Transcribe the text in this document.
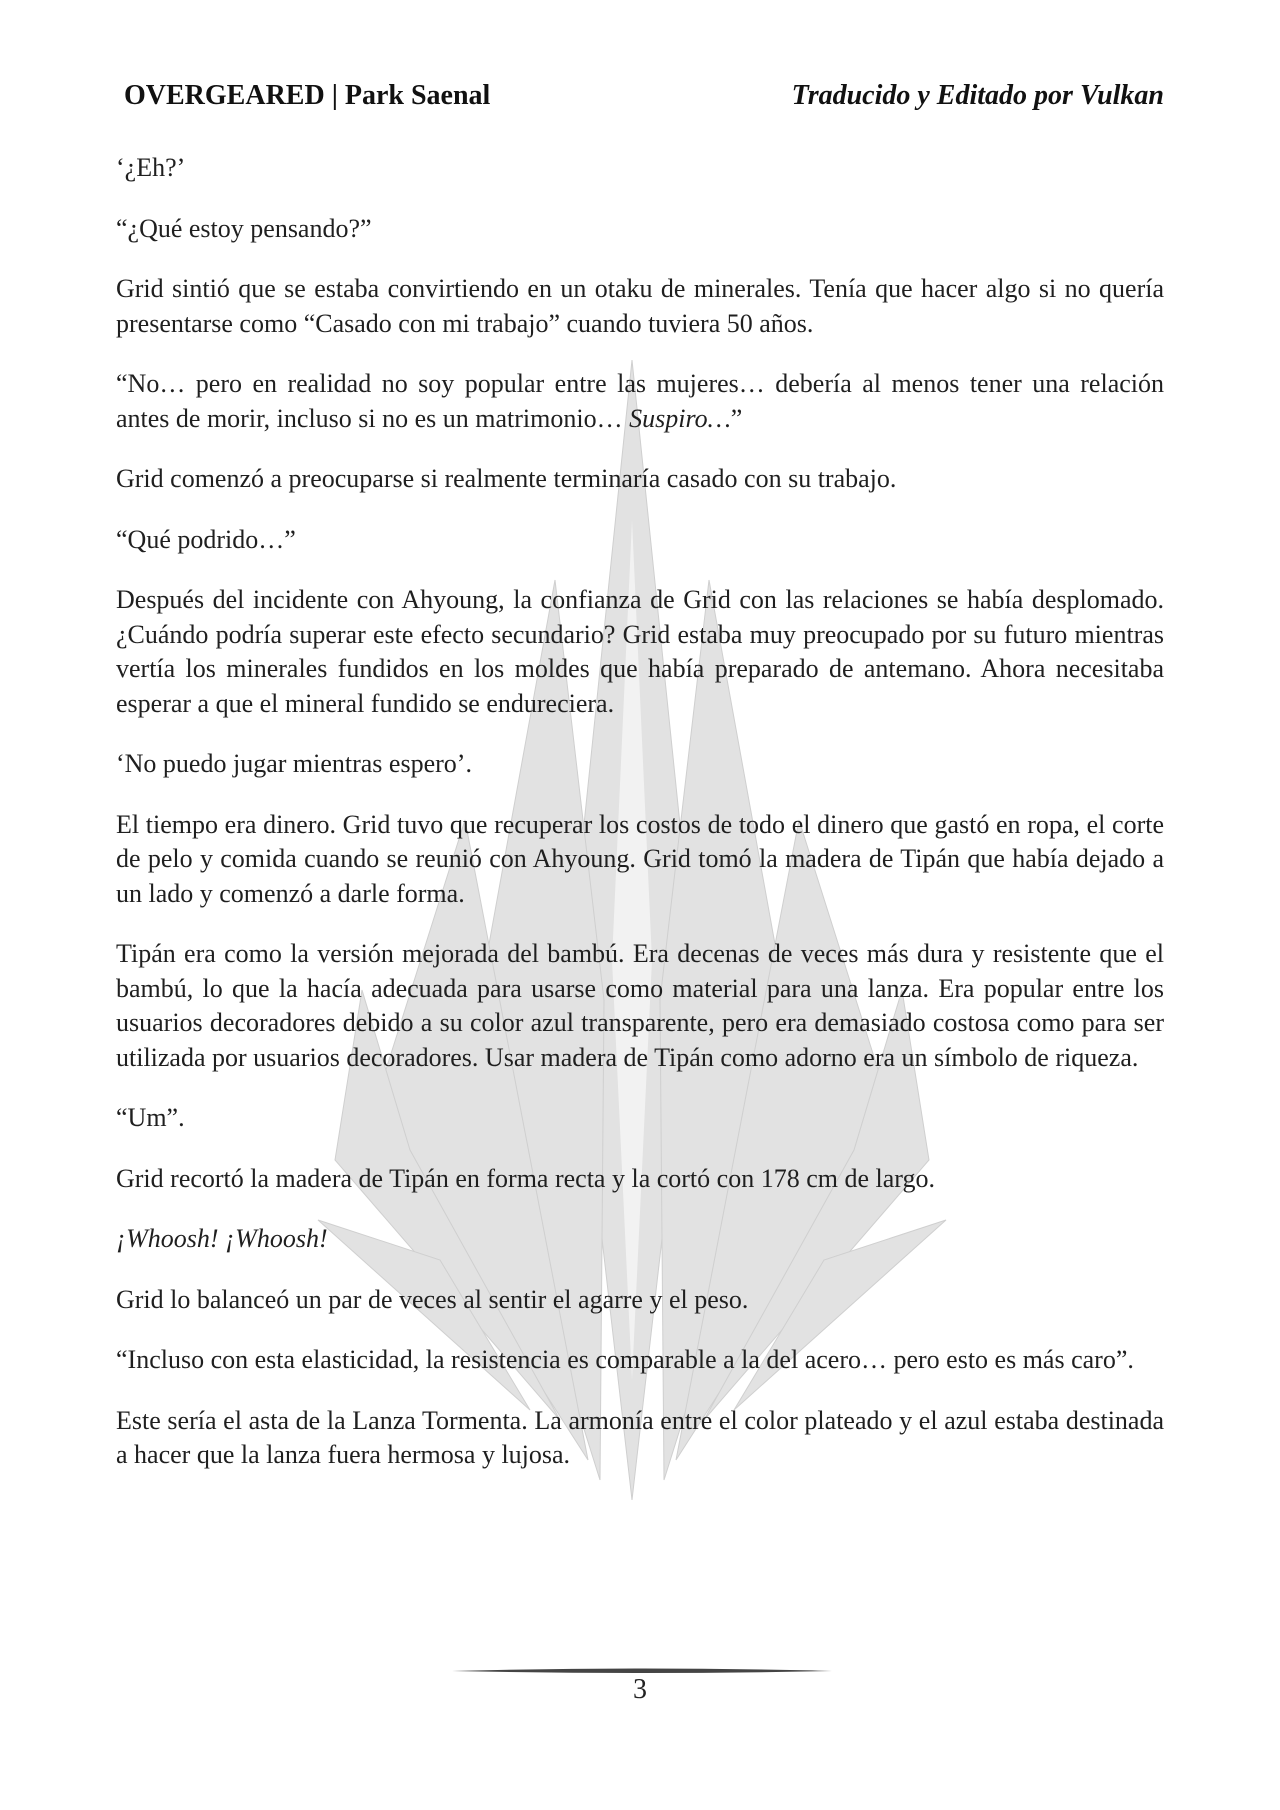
OVERGEARED | Park Saenal	Traducido y Editado por Vulkan

‘¿Eh?’

“¿Qué estoy pensando?”

Grid sintió que se estaba convirtiendo en un otaku de minerales. Tenía que hacer algo si no quería presentarse como “Casado con mi trabajo” cuando tuviera 50 años.

“No… pero en realidad no soy popular entre las mujeres… debería al menos tener una relación antes de morir, incluso si no es un matrimonio… Suspiro…”

Grid comenzó a preocuparse si realmente terminaría casado con su trabajo.

“Qué podrido…”

Después del incidente con Ahyoung, la confianza de Grid con las relaciones se había desplomado. ¿Cuándo podría superar este efecto secundario? Grid estaba muy preocupado por su futuro mientras vertía los minerales fundidos en los moldes que había preparado de antemano. Ahora necesitaba esperar a que el mineral fundido se endureciera.

‘No puedo jugar mientras espero’.

El tiempo era dinero. Grid tuvo que recuperar los costos de todo el dinero que gastó en ropa, el corte de pelo y comida cuando se reunió con Ahyoung. Grid tomó la madera de Tipán que había dejado a un lado y comenzó a darle forma.

Tipán era como la versión mejorada del bambú. Era decenas de veces más dura y resistente que el bambú, lo que la hacía adecuada para usarse como material para una lanza. Era popular entre los usuarios decoradores debido a su color azul transparente, pero era demasiado costosa como para ser utilizada por usuarios decoradores. Usar madera de Tipán como adorno era un símbolo de riqueza.

“Um”.

Grid recortó la madera de Tipán en forma recta y la cortó con 178 cm de largo.

¡Whoosh! ¡Whoosh!

Grid lo balanceó un par de veces al sentir el agarre y el peso.

“Incluso con esta elasticidad, la resistencia es comparable a la del acero… pero esto es más caro”.

Este sería el asta de la Lanza Tormenta. La armonía entre el color plateado y el azul estaba destinada a hacer que la lanza fuera hermosa y lujosa.

3
